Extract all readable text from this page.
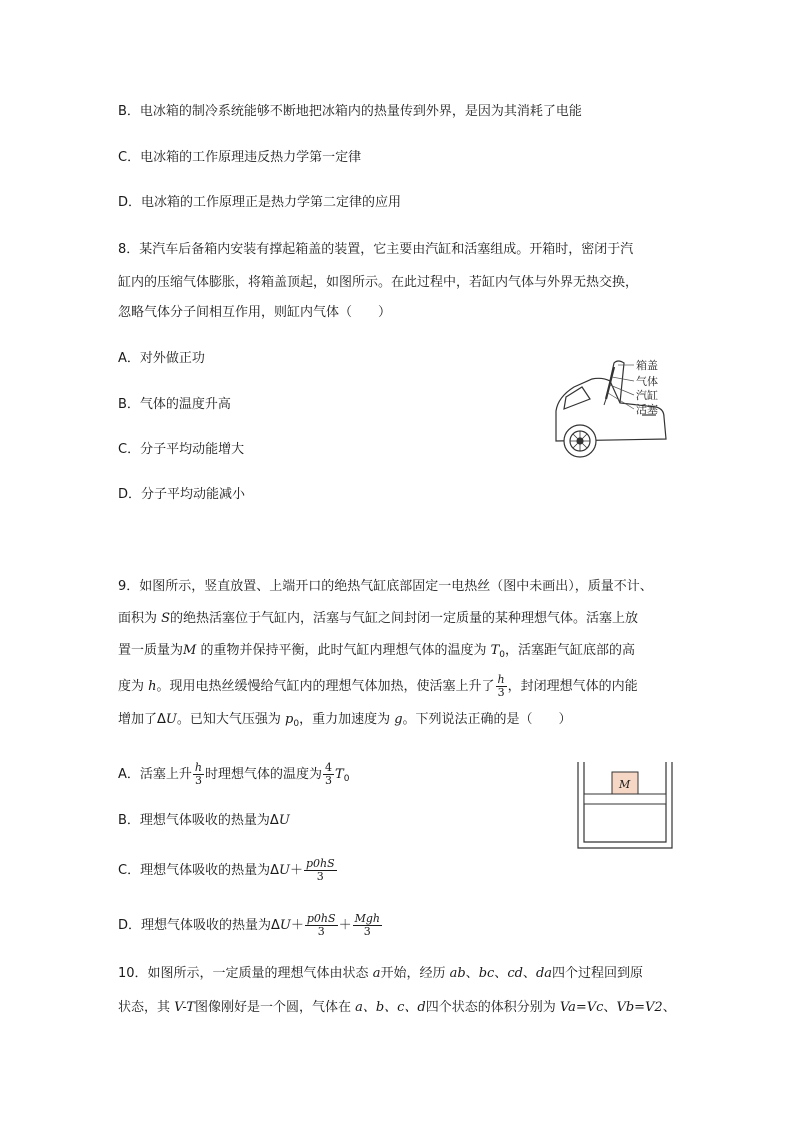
B．电冰箱的制冷系统能够不断地把冰箱内的热量传到外界，是因为其消耗了电能
C．电冰箱的工作原理违反热力学第一定律
D．电冰箱的工作原理正是热力学第二定律的应用
8．某汽车后备箱内安装有撑起箱盖的装置，它主要由汽缸和活塞组成。开箱时，密闭于汽
缸内的压缩气体膨胀，将箱盖顶起，如图所示。在此过程中，若缸内气体与外界无热交换，
忽略气体分子间相互作用，则缸内气体（　　）
A．对外做正功
B．气体的温度升高
C．分子平均动能增大
D．分子平均动能减小
箱盖
气体
汽缸
活塞
9．如图所示，竖直放置、上端开口的绝热气缸底部固定一电热丝（图中未画出），质量不计、
面积为 S的绝热活塞位于气缸内，活塞与气缸之间封闭一定质量的某种理想气体。活塞上放
置一质量为M 的重物并保持平衡，此时气缸内理想气体的温度为 $T_0$，活塞距气缸底部的高
度为 h。现用电热丝缓慢给气缸内的理想气体加热，使活塞上升了 $\frac{h}{3}$ ，封闭理想气体的内能
增加了ΔU。已知大气压强为 $p_0$，重力加速度为 g。下列说法正确的是（　　）
A．活塞上升 $\frac{h}{3}$ 时理想气体的温度为 $\frac{4}{3} T_0$
B．理想气体吸收的热量为ΔU
C．理想气体吸收的热量为$\Delta U+ \frac{p0hS}{3}$
D．理想气体吸收的热量为$\Delta U+ \frac{p0hS}{3} + \frac{\text{Mgh}}{3}$
M
10．如图所示，一定质量的理想气体由状态 a开始，经历 ab、bc、cd、da四个过程回到原
状态，其 V-T图像刚好是一个圆，气体在 a、b、c、d四个状态的体积分别为 Va=Vc、Vb=V2、
